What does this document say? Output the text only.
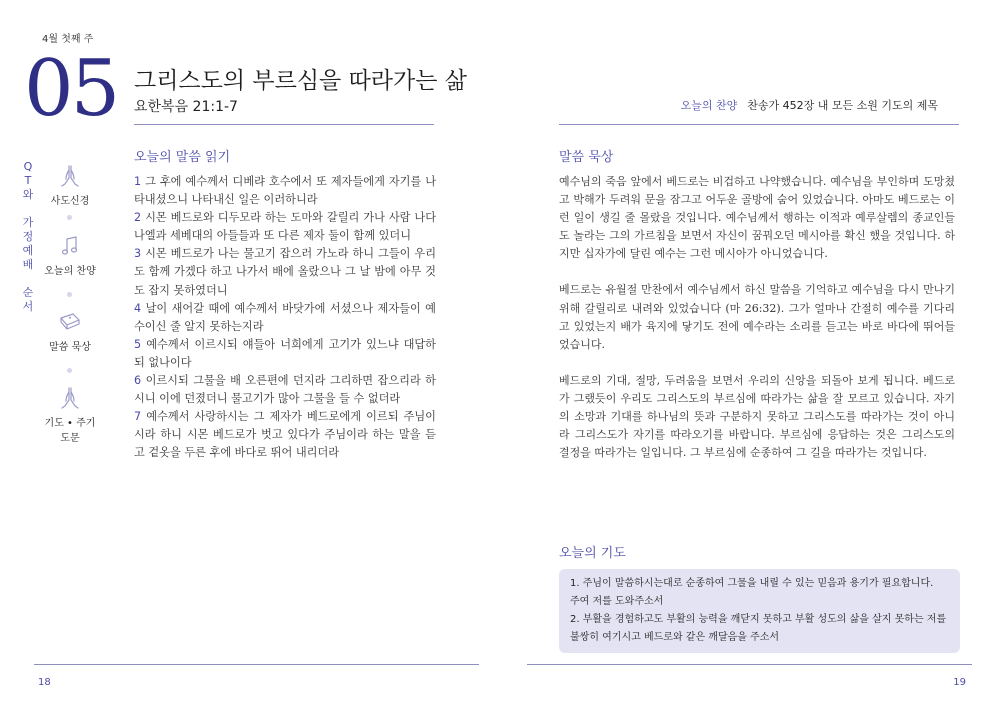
4월 첫째 주
05 그리스도의 부르심을 따라가는 삶
요한복음 21:1-7	오늘의 찬양 찬송가 452장 내 모든 소원 기도의 제목
Q
T
와
가
정
예
배
순
서
사도신경
오늘의 찬양
말씀 묵상
기도 • 주기도문
오늘의 말씀 읽기
1 그 후에 예수께서 디베랴 호수에서 또 제자들에게 자기를 나타내셨으니 나타내신 일은 이러하니라
2 시몬 베드로와 디두모라 하는 도마와 갈릴리 가나 사람 나다나엘과 세베대의 아들들과 또 다른 제자 둘이 함께 있더니
3 시몬 베드로가 나는 물고기 잡으러 가노라 하니 그들이 우리도 함께 가겠다 하고 나가서 배에 올랐으나 그 날 밤에 아무 것도 잡지 못하였더니
4 날이 새어갈 때에 예수께서 바닷가에 서셨으나 제자들이 예수이신 줄 알지 못하는지라
5 예수께서 이르시되 얘들아 너희에게 고기가 있느냐 대답하되 없나이다
6 이르시되 그물을 배 오른편에 던지라 그리하면 잡으리라 하시니 이에 던졌더니 물고기가 많아 그물을 들 수 없더라
7 예수께서 사랑하시는 그 제자가 베드로에게 이르되 주님이시라 하니 시몬 베드로가 벗고 있다가 주님이라 하는 말을 듣고 겉옷을 두른 후에 바다로 뛰어 내리더라
말씀 묵상

예수님의 죽음 앞에서 베드로는 비겁하고 나약했습니다. 예수님을 부인하며 도망쳤고 박해가 두려워 문을 잠그고 어두운 골방에 숨어 있었습니다. 아마도 베드로는 이런 일이 생길 줄 몰랐을 것입니다. 예수님께서 행하는 이적과 예루살렘의 종교인들도 놀라는 그의 가르침을 보면서 자신이 꿈꿔오던 메시아를 확신 했을 것입니다. 하지만 십자가에 달린 예수는 그런 메시아가 아니었습니다.

베드로는 유월절 만찬에서 예수님께서 하신 말씀을 기억하고 예수님을 다시 만나기 위해 갈릴리로 내려와 있었습니다 (마 26:32). 그가 얼마나 간절히 예수를 기다리고 있었는지 배가 육지에 닿기도 전에 예수라는 소리를 듣고는 바로 바다에 뛰어들었습니다.

베드로의 기대, 절망, 두려움을 보면서 우리의 신앙을 되돌아 보게 됩니다. 베드로가 그랬듯이 우리도 그리스도의 부르심에 따라가는 삶을 잘 모르고 있습니다. 자기의 소망과 기대를 하나님의 뜻과 구분하지 못하고 그리스도를 따라가는 것이 아니라 그리스도가 자기를 따라오기를 바랍니다. 부르심에 응답하는 것은 그리스도의 결정을 따라가는 일입니다. 그 부르심에 순종하여 그 길을 따라가는 것입니다.

오늘의 기도
1. 주님이 말씀하시는대로 순종하여 그물을 내릴 수 있는 믿음과 용기가 필요합니다.
주여 저를 도와주소서
2. 부활을 경험하고도 부활의 능력을 깨닫지 못하고 부활 성도의 삶을 살지 못하는 저를
불쌍히 여기시고 베드로와 같은 깨달음을 주소서
18	19
